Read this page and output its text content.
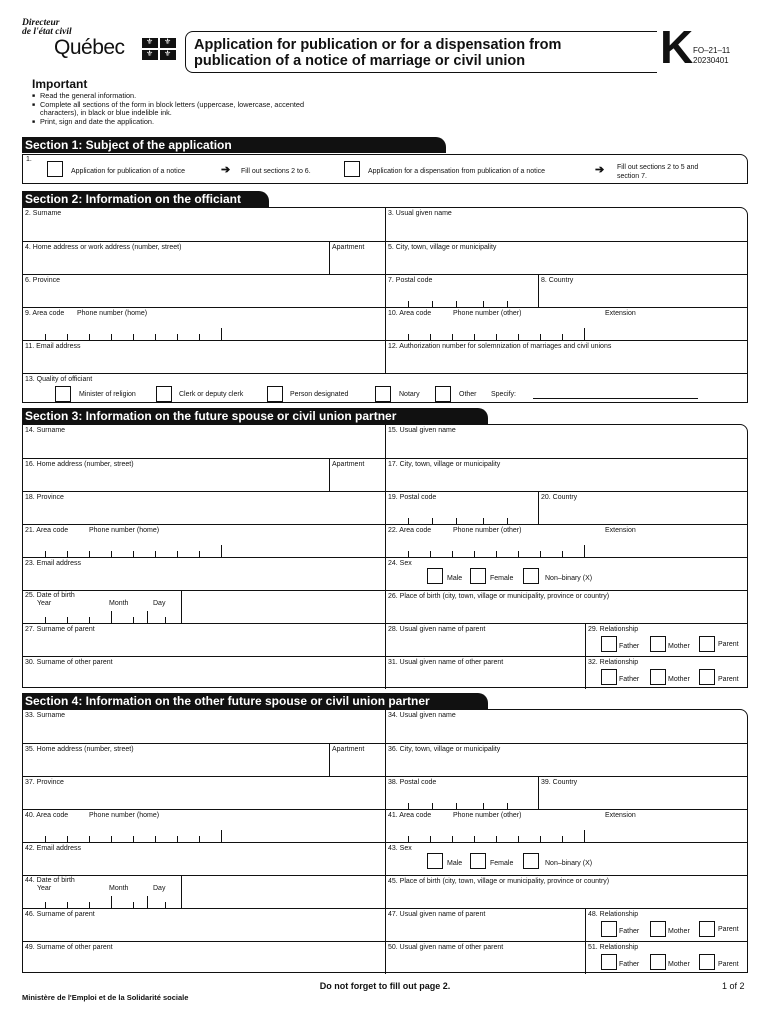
Directeur
de l'état civil
Québec ⚜ ⚜
⚜
⚜	Application for publication or for a dispensation from
publication of a notice of marriage or civil union	K FO–21–11
20230401
Important
■ Read the general information.
■ Complete all sections of the form in block letters (uppercase, lowercase, accented
characters), in black or blue indelible ink.
■ Print, sign and date the application.
Section 1: Subject of the application
1.
Application for publication of a notice	➔ Fill out sections 2 to 6.	Application for a dispensation from publication of a notice	➔ Fill out sections 2 to 5 and
section 7.
Section 2: Information on the officiant
2. Surname	3. Usual given name
4. Home address or work address (number, street)	Apartment	5. City, town, village or municipality
6. Province	7. Postal code	8. Country
9. Area code Phone number (home)	10. Area code	Phone number (other)	Extension
11. Email address	12. Authorization number for solemnization of marriages and civil unions
13. Quality of officiant
Minister of religion	Clerk or deputy clerk	Person designated	Notary	Other Specify:
Section 3: Information on the future spouse or civil union partner
14. Surname	15. Usual given name
16. Home address (number, street)	Apartment	17. City, town, village or municipality
18. Province	19. Postal code	20. Country
21. Area code	Phone number (home)	22. Area code	Phone number (other)	Extension
23. Email address	24. Sex
Male	Female	Non–binary (X)
25. Date of birth
Year	Month	Day
26. Place of birth (city, town, village or municipality, province or country)
27. Surname of parent	28. Usual given name of parent	29. Relationship
Father	Mother	Parent
30. Surname of other parent	31. Usual given name of other parent	32. Relationship
Father	Mother	Parent
Section 4: Information on the other future spouse or civil union partner
33. Surname	34. Usual given name
35. Home address (number, street)	Apartment	36. City, town, village or municipality
37. Province	38. Postal code	39. Country
40. Area code	Phone number (home)	41. Area code	Phone number (other)	Extension
42. Email address	43. Sex
Male	Female	Non–binary (X)
44. Date of birth
Year	Month	Day
45. Place of birth (city, town, village or municipality, province or country)
46. Surname of parent	47. Usual given name of parent	48. Relationship
Father	Mother	Parent
49. Surname of other parent	50. Usual given name of other parent	51. Relationship
Father	Mother	Parent
Do not forget to fill out page 2.
Ministère de l'Emploi et de la Solidarité sociale
1 of 2
